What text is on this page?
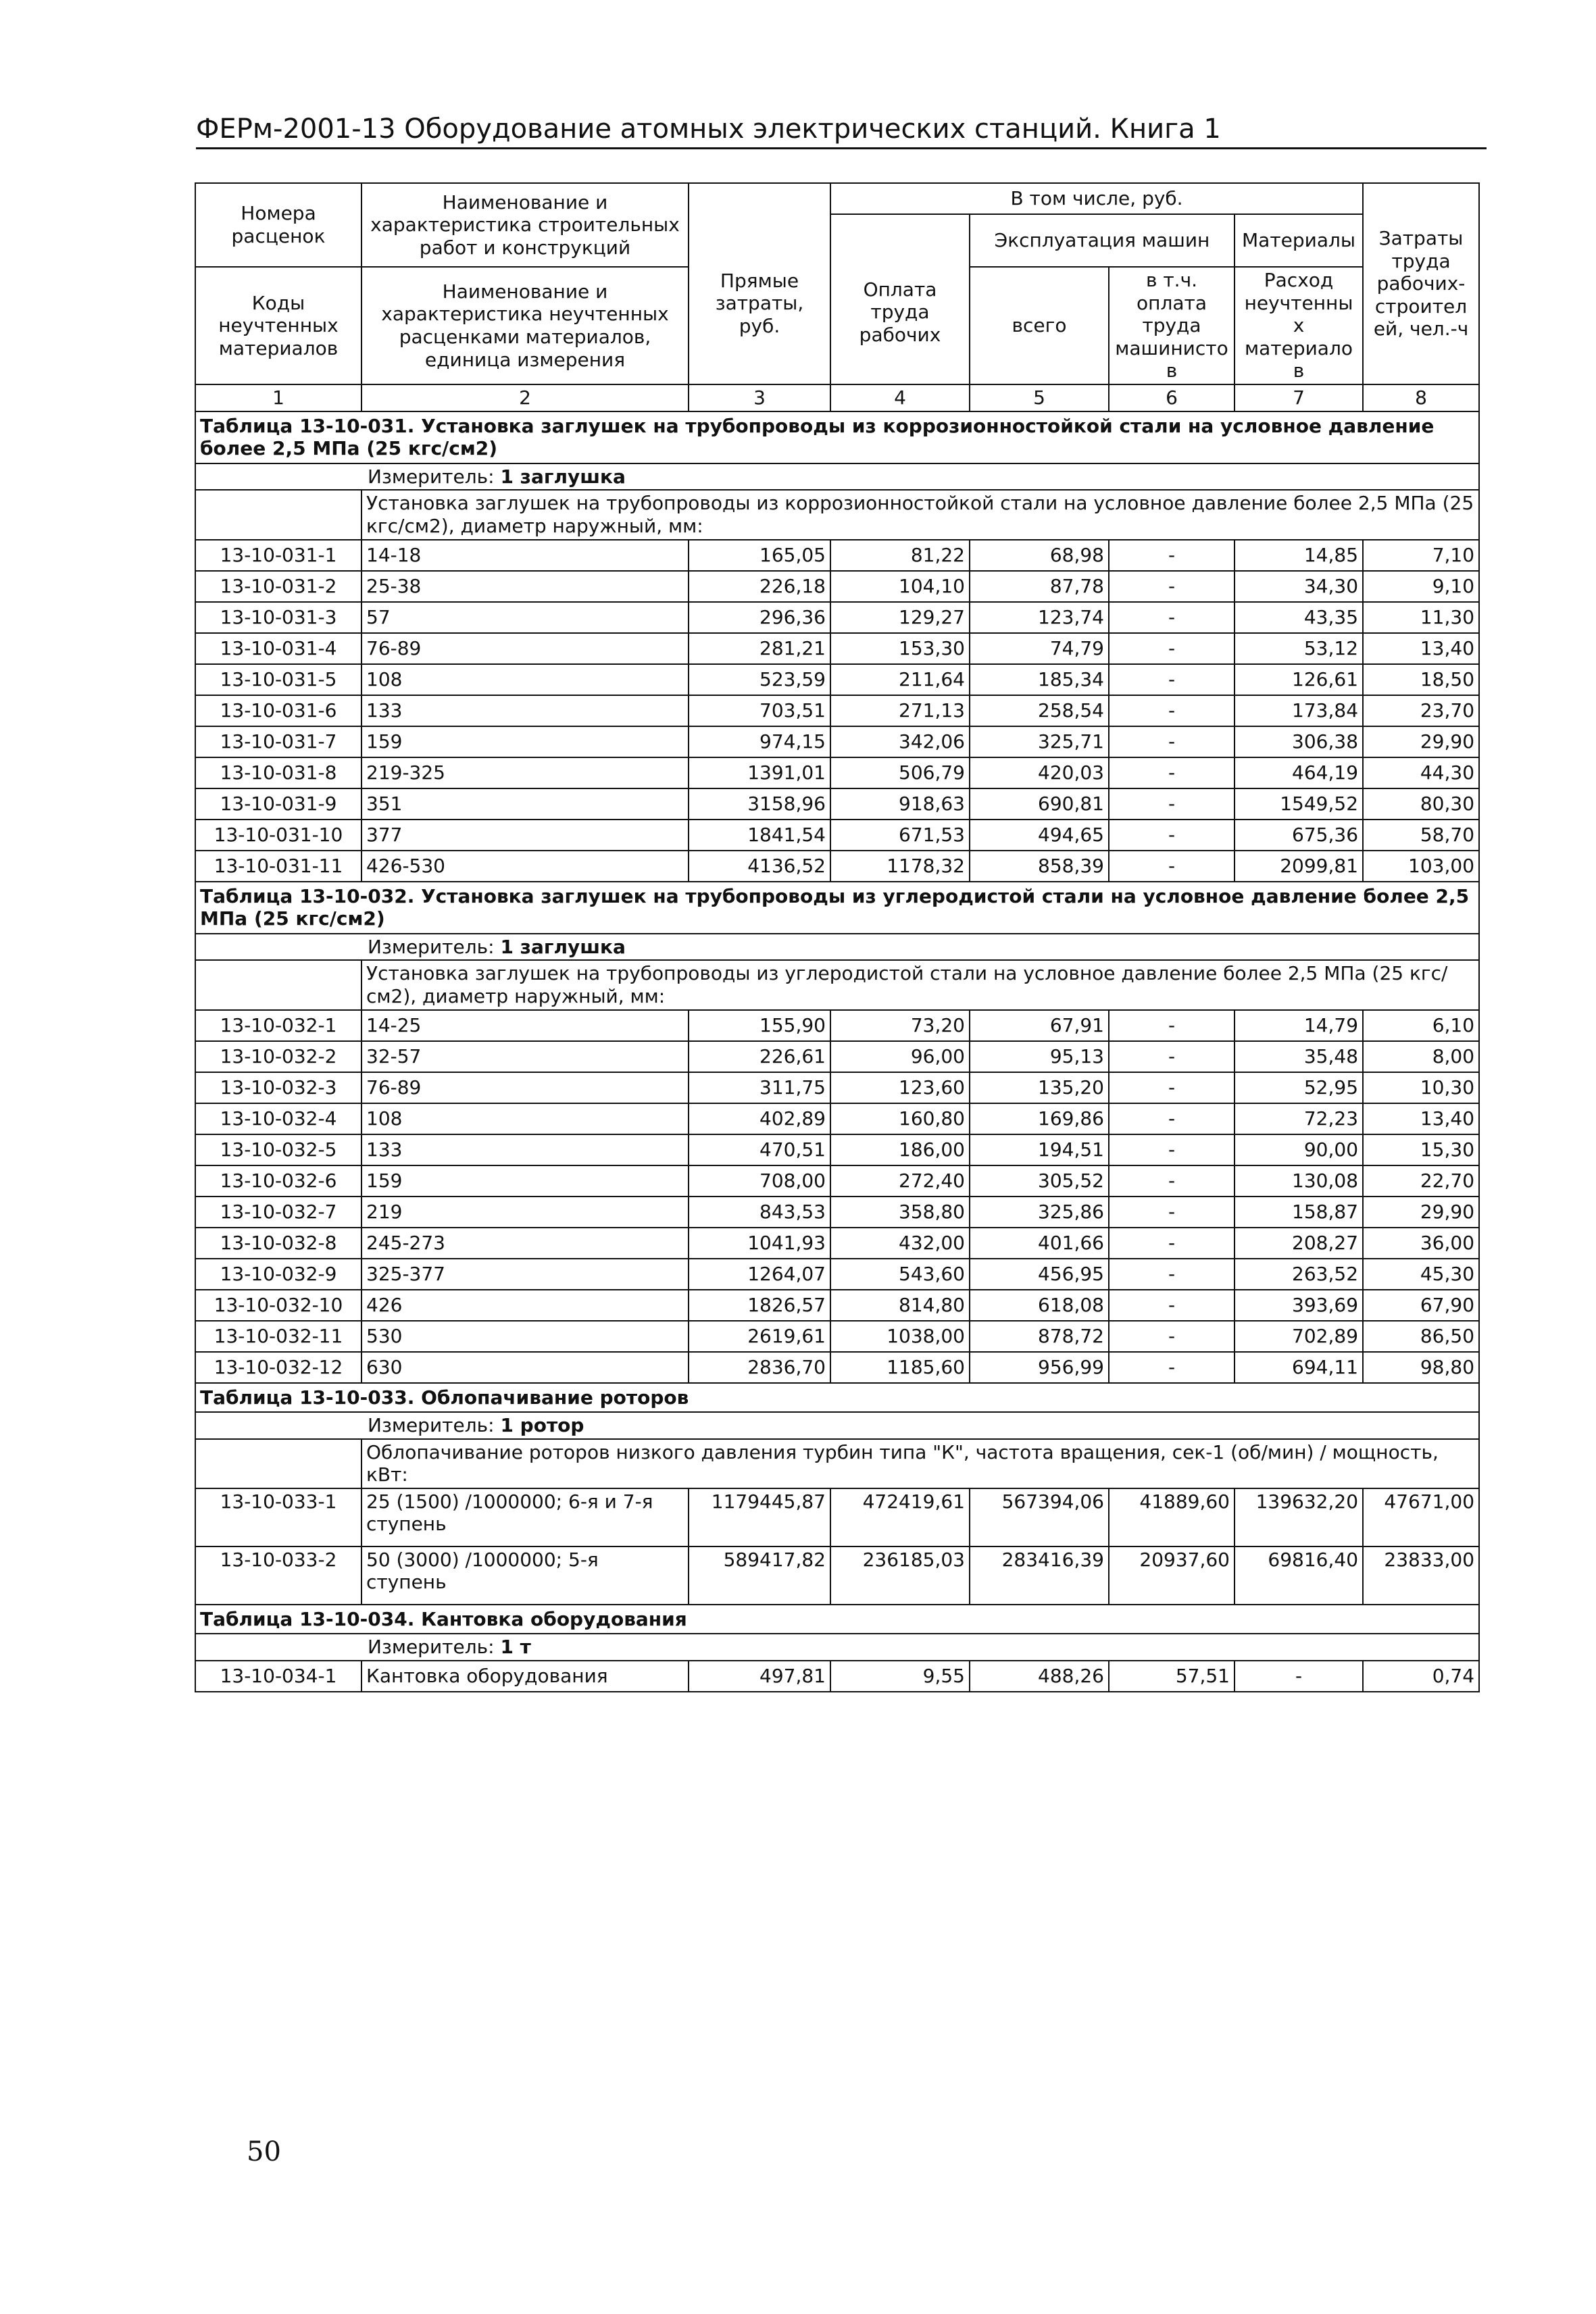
ФЕРм-2001-13 Оборудование атомных электрических станций. Книга 1
Номера расценок	Наименование и характеристика строительных работ и конструкций	Прямые затраты, руб.	В том числе, руб.				Затраты труда рабочих-строител ей, чел.-ч
			Оплата труда рабочих	Эксплуатация машин		Материалы	
Коды неучтенных материалов	Наименование и характеристика неучтенных расценками материалов, единица измерения			всего	в т.ч. оплата труда машинисто в	Расход неучтенны х материало в	

1	2	3	4	5	6	7	8
Таблица 13-10-031. Установка заглушек на трубопроводы из коррозионностойкой стали на условное давление более 2,5 МПа (25 кгс/см2)							
Измеритель: 1 заглушка							
	Установка заглушек на трубопроводы из коррозионностойкой стали на условное давление более 2,5 МПа (25 кгс/см2), диаметр наружный, мм:						
13-10-031-1	14-18	165,05	81,22	68,98	-	14,85	7,10
13-10-031-2	25-38	226,18	104,10	87,78	-	34,30	9,10
13-10-031-3	57	296,36	129,27	123,74	-	43,35	11,30
13-10-031-4	76-89	281,21	153,30	74,79	-	53,12	13,40
13-10-031-5	108	523,59	211,64	185,34	-	126,61	18,50
13-10-031-6	133	703,51	271,13	258,54	-	173,84	23,70
13-10-031-7	159	974,15	342,06	325,71	-	306,38	29,90
13-10-031-8	219-325	1391,01	506,79	420,03	-	464,19	44,30
13-10-031-9	351	3158,96	918,63	690,81	-	1549,52	80,30
13-10-031-10	377	1841,54	671,53	494,65	-	675,36	58,70
13-10-031-11	426-530	4136,52	1178,32	858,39	-	2099,81	103,00
Таблица 13-10-032. Установка заглушек на трубопроводы из углеродистой стали на условное давление более 2,5 МПа (25 кгс/см2)							
Измеритель: 1 заглушка							
	Установка заглушек на трубопроводы из углеродистой стали на условное давление более 2,5 МПа (25 кгс/см2), диаметр наружный, мм:						
13-10-032-1	14-25	155,90	73,20	67,91	-	14,79	6,10
13-10-032-2	32-57	226,61	96,00	95,13	-	35,48	8,00
13-10-032-3	76-89	311,75	123,60	135,20	-	52,95	10,30
13-10-032-4	108	402,89	160,80	169,86	-	72,23	13,40
13-10-032-5	133	470,51	186,00	194,51	-	90,00	15,30
13-10-032-6	159	708,00	272,40	305,52	-	130,08	22,70
13-10-032-7	219	843,53	358,80	325,86	-	158,87	29,90
13-10-032-8	245-273	1041,93	432,00	401,66	-	208,27	36,00
13-10-032-9	325-377	1264,07	543,60	456,95	-	263,52	45,30
13-10-032-10	426	1826,57	814,80	618,08	-	393,69	67,90
13-10-032-11	530	2619,61	1038,00	878,72	-	702,89	86,50
13-10-032-12	630	2836,70	1185,60	956,99	-	694,11	98,80
Таблица 13-10-033. Облопачивание роторов							
Измеритель: 1 ротор							
	Облопачивание роторов низкого давления турбин типа "К", частота вращения, сек-1 (об/мин) / мощность, кВт:						
13-10-033-1	25 (1500) /1000000; 6-я и 7-я ступень	1179445,87	472419,61	567394,06	41889,60	139632,20	47671,00
13-10-033-2	50 (3000) /1000000; 5-я ступень	589417,82	236185,03	283416,39	20937,60	69816,40	23833,00
Таблица 13-10-034. Кантовка оборудования							
Измеритель: 1 т							
13-10-034-1	Кантовка оборудования	497,81	9,55	488,26	57,51	-	0,74
50
